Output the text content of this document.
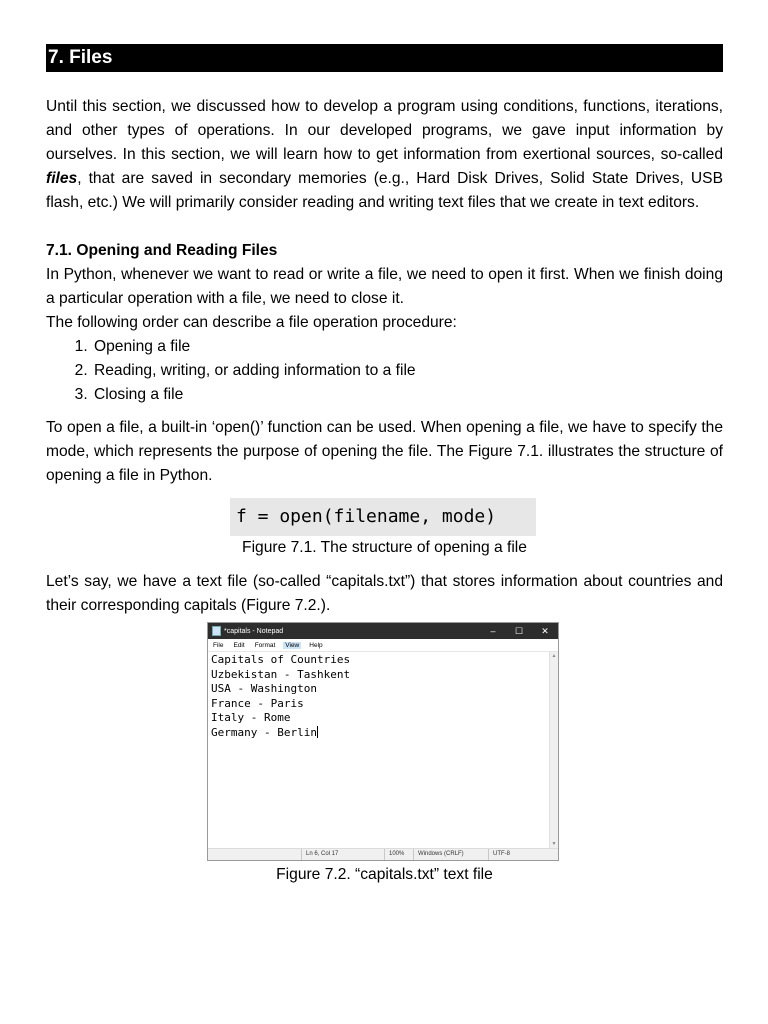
7. Files

Until this section, we discussed how to develop a program using conditions, functions, iterations, and other types of operations. In our developed programs, we gave input information by ourselves. In this section, we will learn how to get information from exertional sources, so-called files, that are saved in secondary memories (e.g., Hard Disk Drives, Solid State Drives, USB flash, etc.) We will primarily consider reading and writing text files that we create in text editors.

7.1. Opening and Reading Files

In Python, whenever we want to read or write a file, we need to open it first. When we finish doing a particular operation with a file, we need to close it.

The following order can describe a file operation procedure:

1. Opening a file
2. Reading, writing, or adding information to a file
3. Closing a file

To open a file, a built-in ‘open()’ function can be used. When opening a file, we have to specify the mode, which represents the purpose of opening the file. The Figure 7.1. illustrates the structure of opening a file in Python.

f = open(filename, mode)
Figure 7.1. The structure of opening a file

Let’s say, we have a text file (so-called “capitals.txt”) that stores information about countries and their corresponding capitals (Figure 7.2.).

*capitals - Notepad	–	☐	✕
File	Edit	Format	View	Help
Capitals of Countries
Uzbekistan - Tashkent
USA - Washington
France - Paris
Italy - Rome
Germany - Berlin
▲
▼
Ln 6, Col 17	100%	Windows (CRLF)	UTF-8
Figure 7.2. “capitals.txt” text file
